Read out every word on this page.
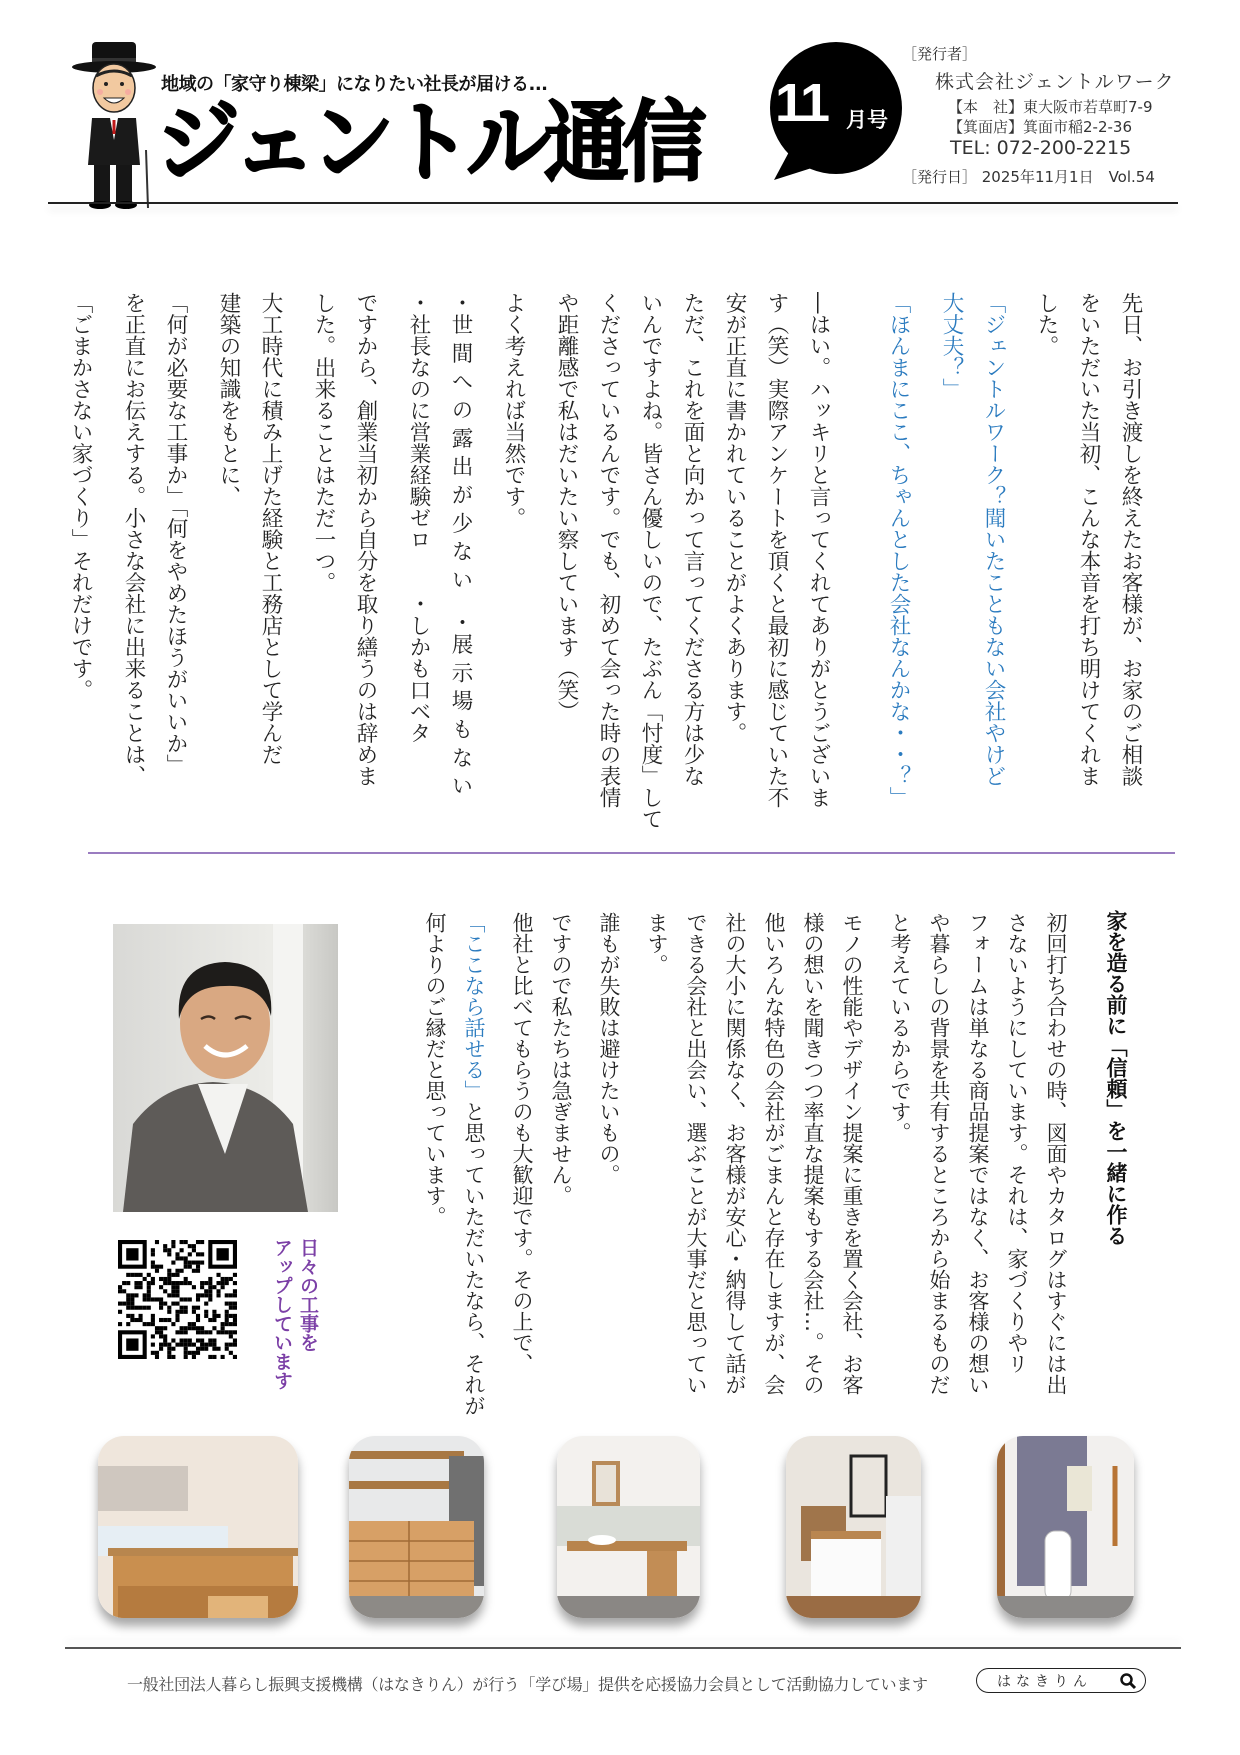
地域の「家守り棟梁」になりたい社長が届ける...
ジェントル通信 11 月号
［発行者］
株式会社ジェントルワーク
【本　社】東大阪市若草町7-9
【箕面店】箕面市稲2-2-36
TEL: 072-200-2215
［発行日］ 2025年11月1日　Vol.54
先日、お引き渡しを終えたお客様が、お家のご相談
をいただいた当初、こんな本音を打ち明けてくれま
した。
「ジェントルワーク？聞いたこともない会社やけど
大丈夫？」
「ほんまにここ、ちゃんとした会社なんかな・・？」
―はい。ハッキリと言ってくれてありがとうございま
す（笑）実際アンケートを頂くと最初に感じていた不
安が正直に書かれていることがよくあります。
ただ、これを面と向かって言ってくださる方は少な
いんですよね。皆さん優しいので、たぶん「忖度」して
くださっているんです。でも、初めて会った時の表情
や距離感で私はだいたい察しています（笑）
よく考えれば当然です。
・世 間 へ の 露 出 が 少 な い　・展 示 場 も な い
・社長なのに営業経験ゼロ　　・しかも口ベタ
ですから、創業当初から自分を取り繕うのは辞めま
した。出来ることはただ一つ。
大工時代に積み上げた経験と工務店として学んだ
建築の知識をもとに、
「何が必要な工事か」「何をやめたほうがいいか」
を正直にお伝えする。小さな会社に出来ることは、
「ごまかさない家づくり」それだけです。
家を造る前に「信頼」を一緒に作る
初回打ち合わせの時、図面やカタログはすぐには出
さないようにしています。それは、家づくりやリ
フォームは単なる商品提案ではなく、お客様の想い
や暮らしの背景を共有するところから始まるものだ
と考えているからです。
モノの性能やデザイン提案に重きを置く会社、お客
様の想いを聞きつつ率直な提案もする会社…。その
他いろんな特色の会社がごまんと存在しますが、会
社の大小に関係なく、お客様が安心・納得して話が
できる会社と出会い、選ぶことが大事だと思ってい
ます。
誰もが失敗は避けたいもの。
ですので私たちは急ぎません。
他社と比べてもらうのも大歓迎です。その上で、
「ここなら話せる」と思っていただいたなら、それが
何よりのご縁だと思っています。
日々の工事を
アップしています
一般社団法人暮らし振興支援機構（はなきりん）が行う「学び場」提供を応援協力会員として活動協力しています	はなきりん
